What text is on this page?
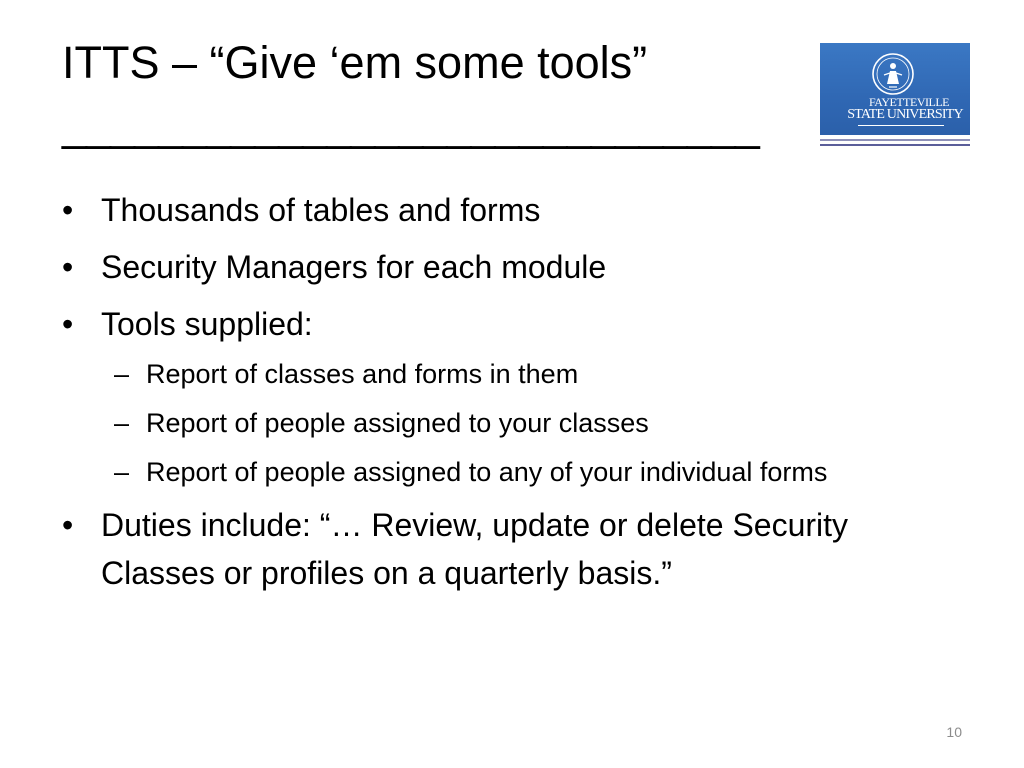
ITTS – “Give ‘em some tools”
_____________________________	FAYETTEVILLE
STATE UNIVERSITY
• Thousands of tables and forms
• Security Managers for each module
• Tools supplied:
– Report of classes and forms in them
– Report of people assigned to your classes
– Report of people assigned to any of your individual forms
• Duties include: “… Review, update or delete Security Classes or profiles on a quarterly basis.”
10
